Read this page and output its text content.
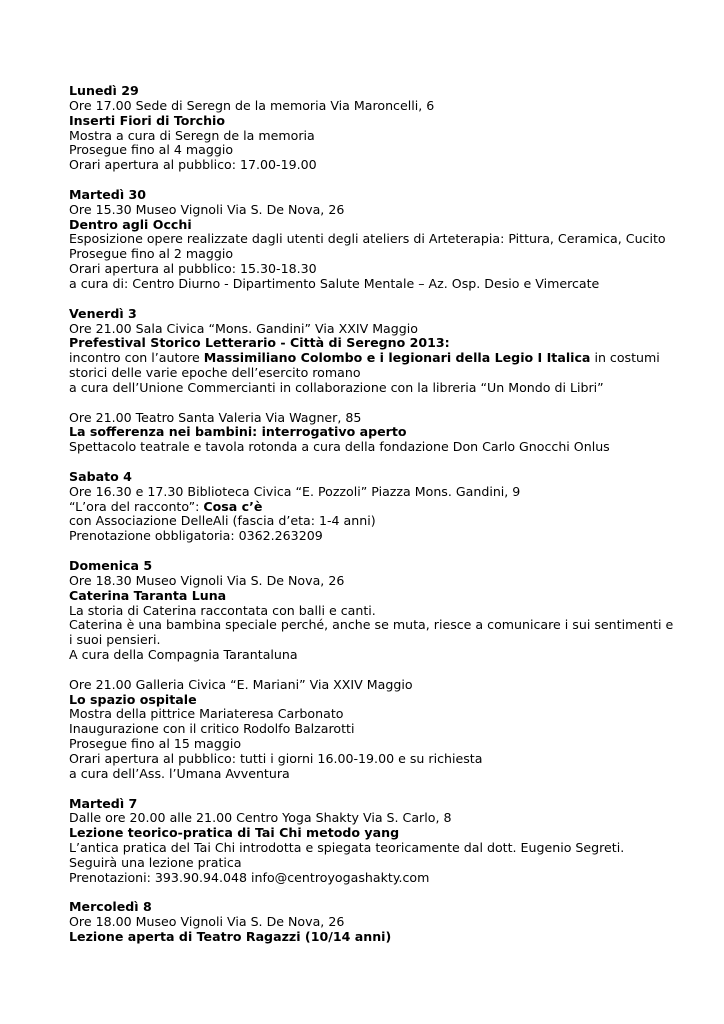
Lunedì 29
Ore 17.00 Sede di Seregn de la memoria Via Maroncelli, 6
Inserti Fiori di Torchio
Mostra a cura di Seregn de la memoria
Prosegue fino al 4 maggio
Orari apertura al pubblico: 17.00-19.00
Martedì 30
Ore 15.30 Museo Vignoli Via S. De Nova, 26
Dentro agli Occhi
Esposizione opere realizzate dagli utenti degli ateliers di Arteterapia: Pittura, Ceramica, Cucito
Prosegue fino al 2 maggio
Orari apertura al pubblico: 15.30-18.30
a cura di: Centro Diurno - Dipartimento Salute Mentale – Az. Osp. Desio e Vimercate
Venerdì 3
Ore 21.00 Sala Civica “Mons. Gandini” Via XXIV Maggio
Prefestival Storico Letterario - Città di Seregno 2013:
incontro con l’autore Massimiliano Colombo e i legionari della Legio I Italica in costumi
storici delle varie epoche dell’esercito romano
a cura dell’Unione Commercianti in collaborazione con la libreria “Un Mondo di Libri”
Ore 21.00 Teatro Santa Valeria Via Wagner, 85
La sofferenza nei bambini: interrogativo aperto
Spettacolo teatrale e tavola rotonda a cura della fondazione Don Carlo Gnocchi Onlus
Sabato 4
Ore 16.30 e 17.30 Biblioteca Civica “E. Pozzoli” Piazza Mons. Gandini, 9
“L’ora del racconto”: Cosa c’è
con Associazione DelleAli (fascia d’eta: 1-4 anni)
Prenotazione obbligatoria: 0362.263209
Domenica 5
Ore 18.30 Museo Vignoli Via S. De Nova, 26
Caterina Taranta Luna
La storia di Caterina raccontata con balli e canti.
Caterina è una bambina speciale perché, anche se muta, riesce a comunicare i sui sentimenti e
i suoi pensieri.
A cura della Compagnia Tarantaluna
Ore 21.00 Galleria Civica “E. Mariani” Via XXIV Maggio
Lo spazio ospitale
Mostra della pittrice Mariateresa Carbonato
Inaugurazione con il critico Rodolfo Balzarotti
Prosegue fino al 15 maggio
Orari apertura al pubblico: tutti i giorni 16.00-19.00 e su richiesta
a cura dell’Ass. l’Umana Avventura
Martedì 7
Dalle ore 20.00 alle 21.00 Centro Yoga Shakty Via S. Carlo, 8
Lezione teorico-pratica di Tai Chi metodo yang
L’antica pratica del Tai Chi introdotta e spiegata teoricamente dal dott. Eugenio Segreti.
Seguirà una lezione pratica
Prenotazioni: 393.90.94.048 info@centroyogashakty.com
Mercoledì 8
Ore 18.00 Museo Vignoli Via S. De Nova, 26
Lezione aperta di Teatro Ragazzi (10/14 anni)
